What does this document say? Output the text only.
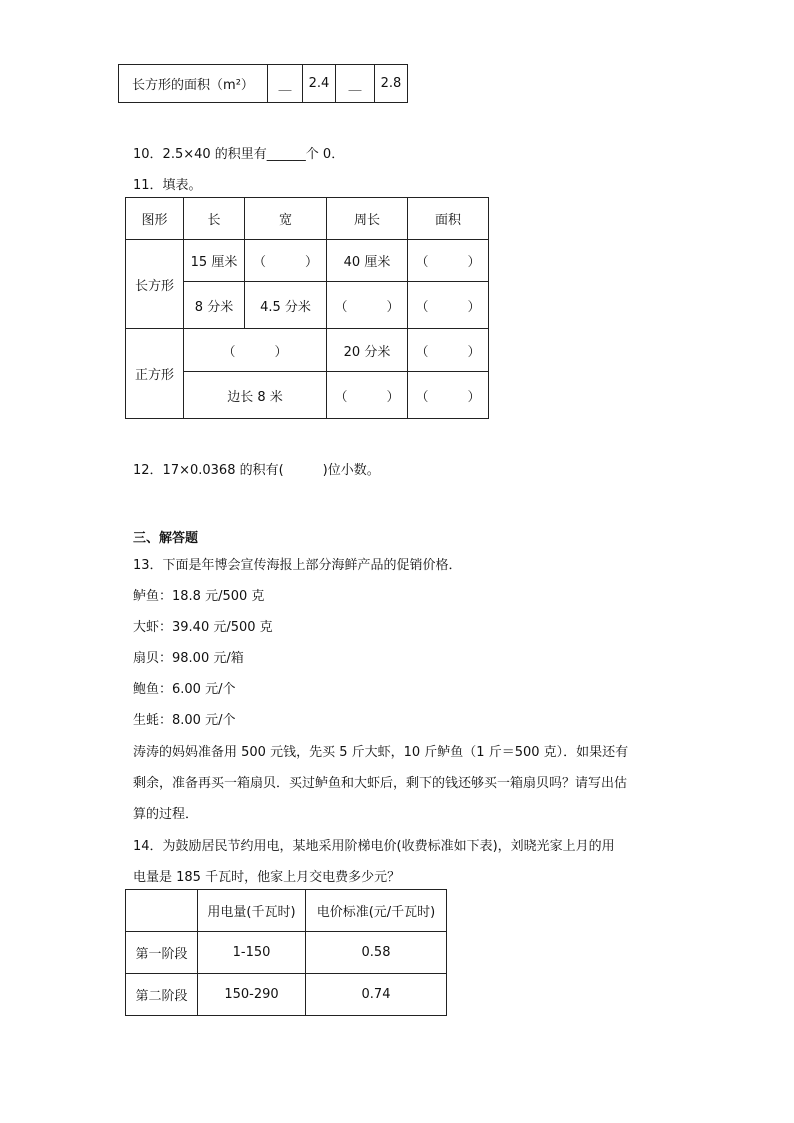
长方形的面积（m²）	＿	2.4	＿	2.8
10．2.5×40 的积里有______个 0．
11．填表。
图形	长	宽	周长	面积
长方形	15 厘米	（　　　）	40 厘米	（　　　）
	8 分米	4.5 分米	（　　　）	（　　　）
正方形	（　　　）		20 分米	（　　　）
	边长 8 米		（　　　）	（　　　）
12．17×0.0368 的积有(　　　)位小数。
三、解答题
13．下面是年博会宣传海报上部分海鲜产品的促销价格．
鲈鱼：18.8 元/500 克
大虾：39.40 元/500 克
扇贝：98.00 元/箱
鲍鱼：6.00 元/个
生蚝：8.00 元/个
涛涛的妈妈准备用 500 元钱，先买 5 斤大虾，10 斤鲈鱼（1 斤＝500 克）．如果还有
剩余，准备再买一箱扇贝．买过鲈鱼和大虾后，剩下的钱还够买一箱扇贝吗？请写出估
算的过程．
14．为鼓励居民节约用电，某地采用阶梯电价(收费标准如下表)，刘晓光家上月的用
电量是 185 千瓦时，他家上月交电费多少元？
	用电量(千瓦时)	电价标准(元/千瓦时)
第一阶段	1-150	0.58
第二阶段	150-290	0.74
